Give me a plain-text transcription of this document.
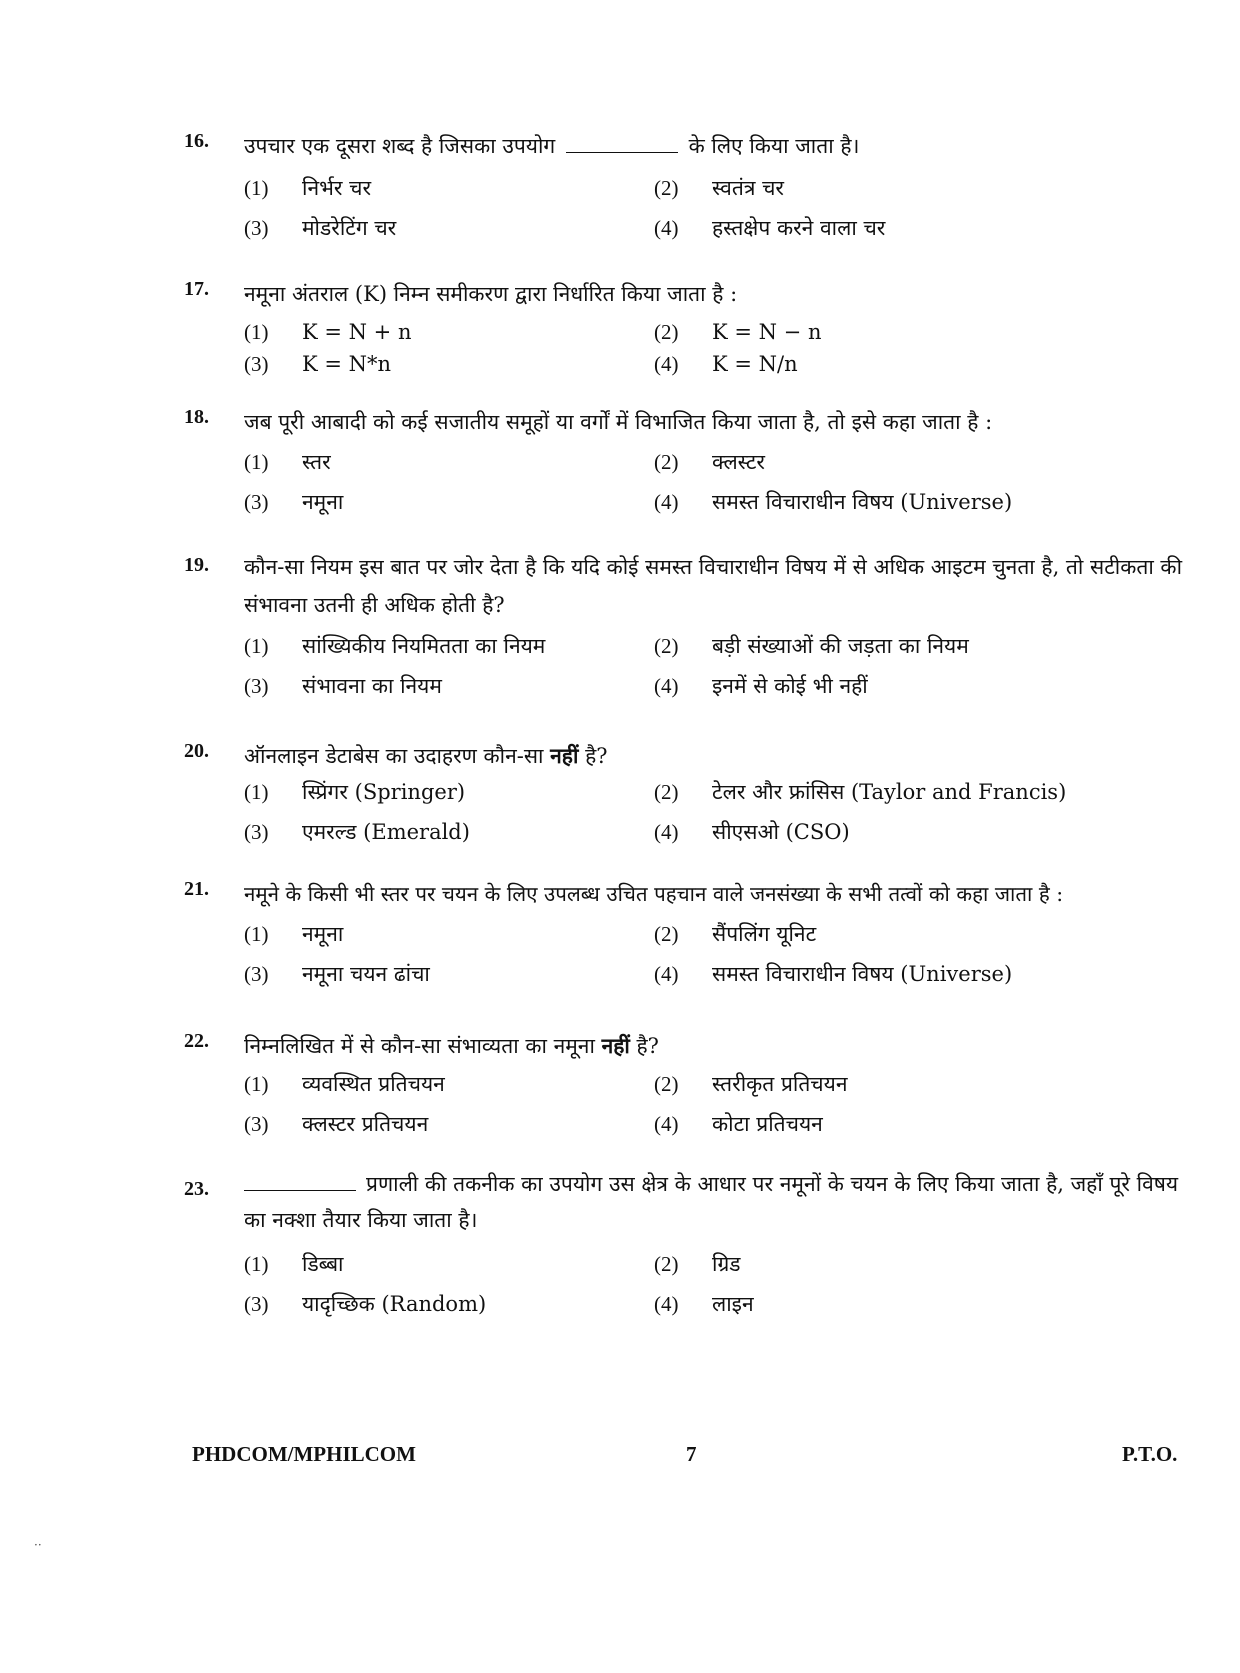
16. उपचार एक दूसरा शब्द है जिसका उपयोग	के लिए किया जाता है।
(1) निर्भर चर	(2) स्वतंत्र चर
(3) मोडरेटिंग चर	(4) हस्तक्षेप करने वाला चर
17. नमूना अंतराल (K) निम्न समीकरण द्वारा निर्धारित किया जाता है :
(1) K = N + n	(2) K = N − n
(3) K = N*n	(4) K = N/n
18. जब पूरी आबादी को कई सजातीय समूहों या वर्गों में विभाजित किया जाता है, तो इसे कहा जाता है :
(1) स्तर	(2) क्लस्टर
(3) नमूना	(4) समस्त विचाराधीन विषय (Universe)
19. कौन-सा नियम इस बात पर जोर देता है कि यदि कोई समस्त विचाराधीन विषय में से अधिक आइटम चुनता है, तो सटीकता की संभावना उतनी ही अधिक होती है?
(1) सांख्यिकीय नियमितता का नियम	(2) बड़ी संख्याओं की जड़ता का नियम
(3) संभावना का नियम	(4) इनमें से कोई भी नहीं
20. ऑनलाइन डेटाबेस का उदाहरण कौन-सा नहीं है?
(1) स्प्रिंगर (Springer)	(2) टेलर और फ्रांसिस (Taylor and Francis)
(3) एमरल्ड (Emerald)	(4) सीएसओ (CSO)
21. नमूने के किसी भी स्तर पर चयन के लिए उपलब्ध उचित पहचान वाले जनसंख्या के सभी तत्वों को कहा जाता है :
(1) नमूना	(2) सैंपलिंग यूनिट
(3) नमूना चयन ढांचा	(4) समस्त विचाराधीन विषय (Universe)
22. निम्नलिखित में से कौन-सा संभाव्यता का नमूना नहीं है?
(1) व्यवस्थित प्रतिचयन	(2) स्तरीकृत प्रतिचयन
(3) क्लस्टर प्रतिचयन	(4) कोटा प्रतिचयन
23.	प्रणाली की तकनीक का उपयोग उस क्षेत्र के आधार पर नमूनों के चयन के लिए किया जाता है, जहाँ पूरे विषय का नक्शा तैयार किया जाता है।
(1) डिब्बा	(2) ग्रिड
(3) यादृच्छिक (Random)	(4) लाइन
PHDCOM/MPHILCOM	7	P.T.O.
··
